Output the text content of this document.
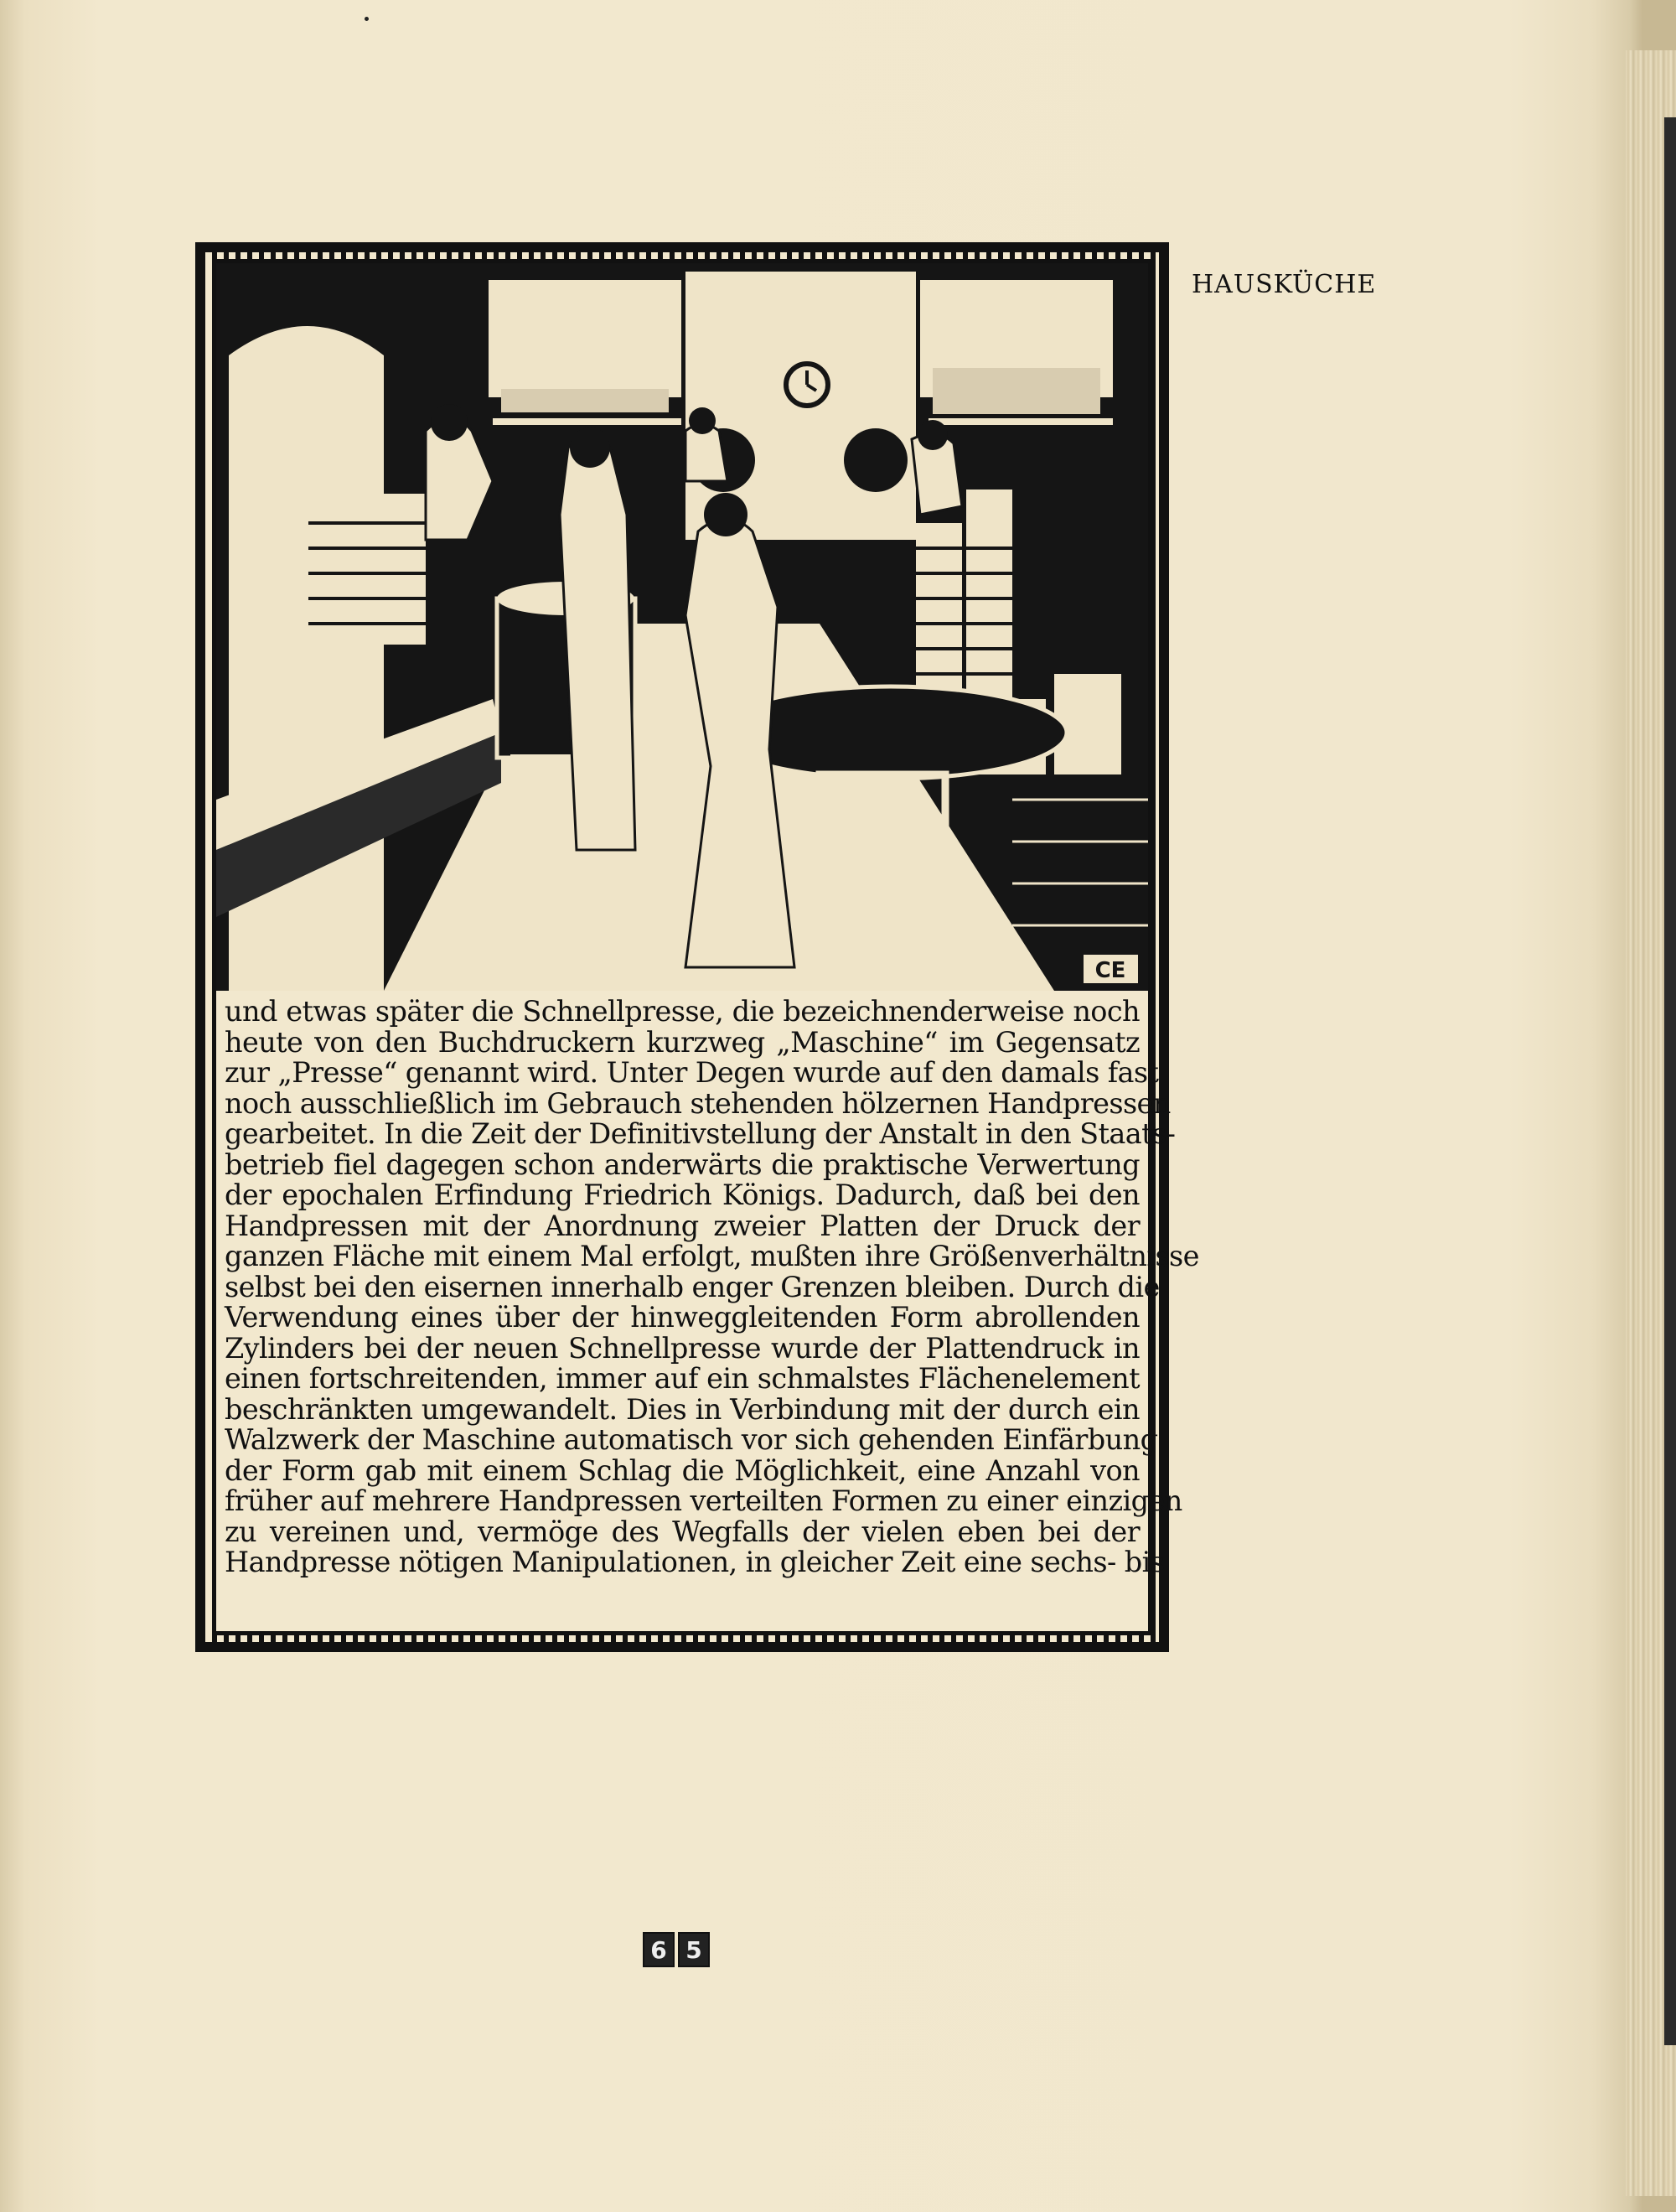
HAUSKÜCHE
CE
und etwas später die Schnellpresse, die bezeichnenderweise noch
heute von den Buchdruckern kurzweg „Maschine“ im Gegensatz
zur „Presse“ genannt wird. Unter Degen wurde auf den damals fast
noch ausschließlich im Gebrauch stehenden hölzernen Handpressen
gearbeitet. In die Zeit der Definitivstellung der Anstalt in den Staats-
betrieb fiel dagegen schon anderwärts die praktische Verwertung
der epochalen Erfindung Friedrich Königs. Dadurch, daß bei den
Handpressen mit der Anordnung zweier Platten der Druck der
ganzen Fläche mit einem Mal erfolgt, mußten ihre Größenverhältnisse
selbst bei den eisernen innerhalb enger Grenzen bleiben. Durch die
Verwendung eines über der hinweggleitenden Form abrollenden
Zylinders bei der neuen Schnellpresse wurde der Plattendruck in
einen fortschreitenden, immer auf ein schmalstes Flächenelement
beschränkten umgewandelt. Dies in Verbindung mit der durch ein
Walzwerk der Maschine automatisch vor sich gehenden Einfärbung
der Form gab mit einem Schlag die Möglichkeit, eine Anzahl von
früher auf mehrere Handpressen verteilten Formen zu einer einzigen
zu vereinen und, vermöge des Wegfalls der vielen eben bei der
Handpresse nötigen Manipulationen, in gleicher Zeit eine sechs- bis
6 5
